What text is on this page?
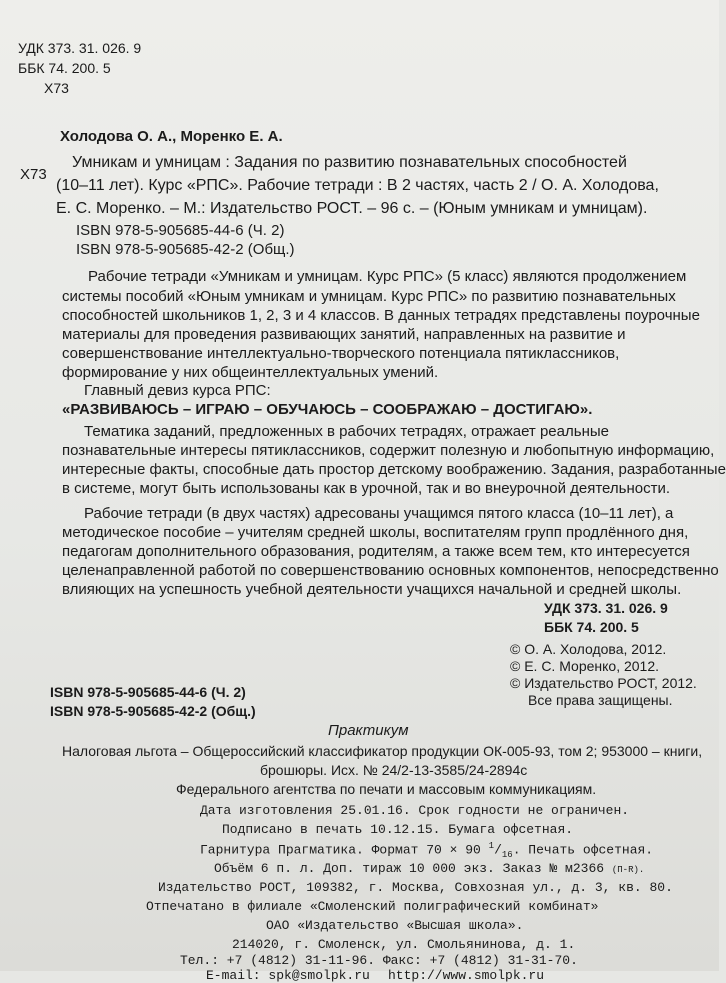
УДК 373. 31. 026. 9
ББК 74. 200. 5
Х73
Холодова О. А., Моренко Е. А.
Х73
Умникам и умницам : Задания по развитию познавательных способностей
(10–11 лет). Курс «РПС». Рабочие тетради : В 2 частях, часть 2 / О. А. Холодова,
Е. С. Моренко. – М.: Издательство РОСТ. – 96 с. – (Юным умникам и умницам).
ISBN 978-5-905685-44-6 (Ч. 2)
ISBN 978-5-905685-42-2 (Общ.)
Рабочие тетради «Умникам и умницам. Курс РПС» (5 класс) являются продолжением
системы пособий «Юным умникам и умницам. Курс РПС» по развитию познавательных
способностей школьников 1, 2, 3 и 4 классов. В данных тетрадях представлены поурочные
материалы для проведения развивающих занятий, направленных на развитие и
совершенствование интеллектуально-творческого потенциала пятиклассников,
формирование у них общеинтеллектуальных умений.
Главный девиз курса РПС:
«РАЗВИВАЮСЬ – ИГРАЮ – ОБУЧАЮСЬ – СООБРАЖАЮ – ДОСТИГАЮ».
Тематика заданий, предложенных в рабочих тетрадях, отражает реальные
познавательные интересы пятиклассников, содержит полезную и любопытную информацию,
интересные факты, способные дать простор детскому воображению. Задания, разработанные
в системе, могут быть использованы как в урочной, так и во внеурочной деятельности.
Рабочие тетради (в двух частях) адресованы учащимся пятого класса (10–11 лет), а
методическое пособие – учителям средней школы, воспитателям групп продлённого дня,
педагогам дополнительного образования, родителям, а также всем тем, кто интересуется
целенаправленной работой по совершенствованию основных компонентов, непосредственно
влияющих на успешность учебной деятельности учащихся начальной и средней школы.
УДК 373. 31. 026. 9
ББК 74. 200. 5
© О. А. Холодова, 2012.
© Е. С. Моренко, 2012.
© Издательство РОСТ, 2012.
Все права защищены.
ISBN 978-5-905685-44-6 (Ч. 2)
ISBN 978-5-905685-42-2 (Общ.)
Практикум
Налоговая льгота – Общероссийский классификатор продукции ОК-005-93, том 2; 953000 – книги,
брошюры. Исх. № 24/2-13-3585/24-2894с
Федерального агентства по печати и массовым коммуникациям.
Дата изготовления 25.01.16. Срок годности не ограничен.
Подписано в печать 10.12.15. Бумага офсетная.
Гарнитура Прагматика. Формат 70 × 90 $^1/_{16}$. Печать офсетная.
Объём 6 п. л. Доп. тираж 10 000 экз. Заказ № м2366 (П-R).
Издательство РОСТ, 109382, г. Москва, Совхозная ул., д. 3, кв. 80.
Отпечатано в филиале «Смоленский полиграфический комбинат»
ОАО «Издательство «Высшая школа».
214020, г. Смоленск, ул. Смольянинова, д. 1.
Тел.: +7 (4812) 31-11-96. Факс: +7 (4812) 31-31-70.
E-mail: spk@smolpk.ru http://www.smolpk.ru
